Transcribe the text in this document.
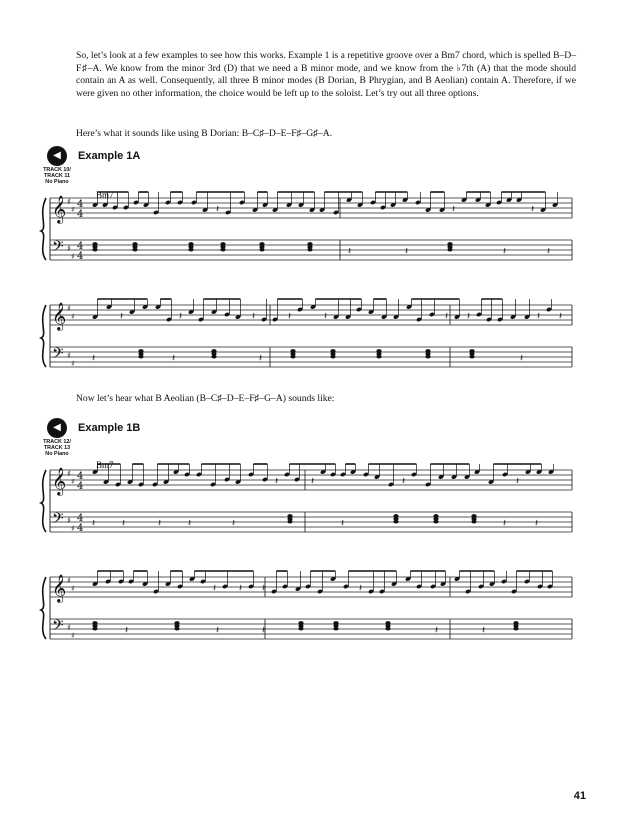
So, let’s look at a few examples to see how this works. Example 1 is a repetitive groove over a Bm7 chord, which is spelled B–D–F♯–A. We know from the minor 3rd (D) that we need a B minor mode, and we know from the ♭7th (A) that the mode should contain an A as well. Consequently, all three B minor modes (B Dorian, B Phrygian, and B Aeolian) contain A. Therefore, if we were given no other information, the choice would be left up to the soloist. Let’s try out all three options.

Here’s what it sounds like using B Dorian: B–C♯–D–E–F♯–G♯–A.

◀
TRACK 10/
TRACK 11
No Piano
Example 1A
Bm7

Now let’s hear what B Aeolian (B–C♯–D–E–F♯–G–A) sounds like:

◀
TRACK 12/
TRACK 13
No Piano
Example 1B
Bm7
𝄞
𝄢
♯
♯
♯
♯
4
4
4
4
𝄽	𝄽	𝄽
𝄽	𝄽	𝄽	𝄽
𝄞
𝄢
♯
♯
♯
♯
𝄽	𝄽	𝄽	𝄽	𝄽	𝄽 𝄽	𝄽 𝄽
𝄽	𝄽	𝄽	𝄽
𝄞
𝄢
♯
♯
♯
♯
4
4
4
4
𝄽	𝄽	𝄽	𝄽
𝄽	𝄽	𝄽	𝄽	𝄽	𝄽	𝄽	𝄽
𝄞
𝄢
♯
♯
♯
♯
𝄽 𝄽 𝄽	𝄽
𝄽	𝄽	𝄽	𝄽	𝄽
41
